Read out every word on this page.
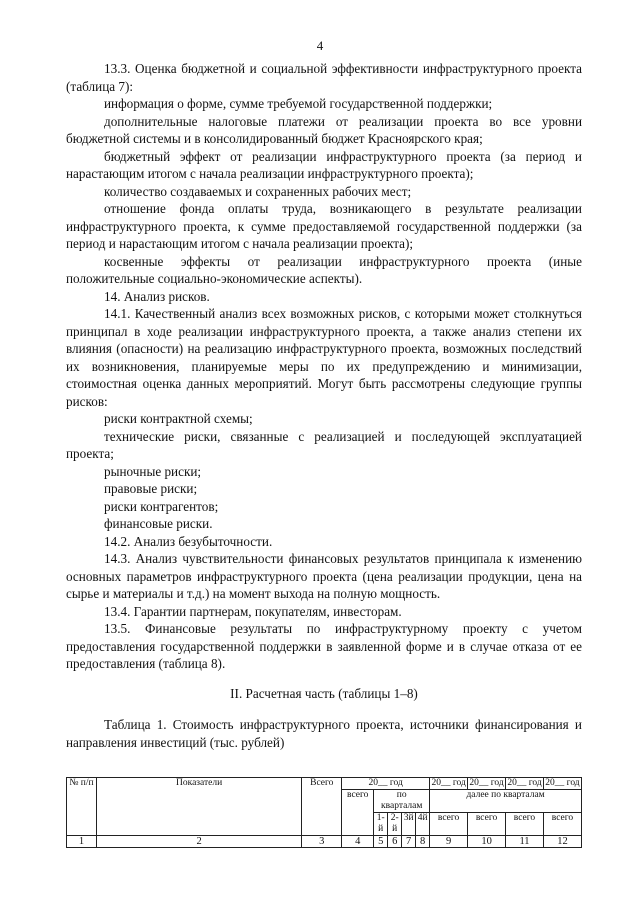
4

13.3. Оценка бюджетной и социальной эффективности инфраструктурного проекта (таблица 7):

информация о форме, сумме требуемой государственной поддержки;

дополнительные налоговые платежи от реализации проекта во все уровни бюджетной системы и в консолидированный бюджет Красноярского края;

бюджетный эффект от реализации инфраструктурного проекта (за период и нарастающим итогом с начала реализации инфраструктурного проекта);

количество создаваемых и сохраненных рабочих мест;

отношение фонда оплаты труда, возникающего в результате реализации инфраструктурного проекта, к сумме предоставляемой государственной поддержки (за период и нарастающим итогом с начала реализации проекта);

косвенные эффекты от реализации инфраструктурного проекта (иные положительные социально-экономические аспекты).

14. Анализ рисков.

14.1. Качественный анализ всех возможных рисков, с которыми может столкнуться принципал в ходе реализации инфраструктурного проекта, а также анализ степени их влияния (опасности) на реализацию инфраструктурного проекта, возможных последствий их возникновения, планируемые меры по их предупреждению и минимизации, стоимостная оценка данных мероприятий. Могут быть рассмотрены следующие группы рисков:

риски контрактной схемы;

технические риски, связанные с реализацией и последующей эксплуатацией проекта;

рыночные риски;

правовые риски;

риски контрагентов;

финансовые риски.

14.2. Анализ безубыточности.

14.3. Анализ чувствительности финансовых результатов принципала к изменению основных параметров инфраструктурного проекта (цена реализации продукции, цена на сырье и материалы и т.д.) на момент выхода на полную мощность.

13.4. Гарантии партнерам, покупателям, инвесторам.

13.5. Финансовые результаты по инфраструктурному проекту с учетом предоставления государственной поддержки в заявленной форме и в случае отказа от ее предоставления (таблица 8).

II. Расчетная часть (таблицы 1–8)

Таблица 1. Стоимость инфраструктурного проекта, источники финансирования и направления инвестиций (тыс. рублей)

№ п/п	Показатели	Всего	20__ год					20__ год	20__ год	20__ год	20__ год
			всего	по кварталам				далее по кварталам			
				1-й	2-й	3й	4й	всего	всего	всего	всего
1	2	3	4	5	6	7	8	9	10	11	12
